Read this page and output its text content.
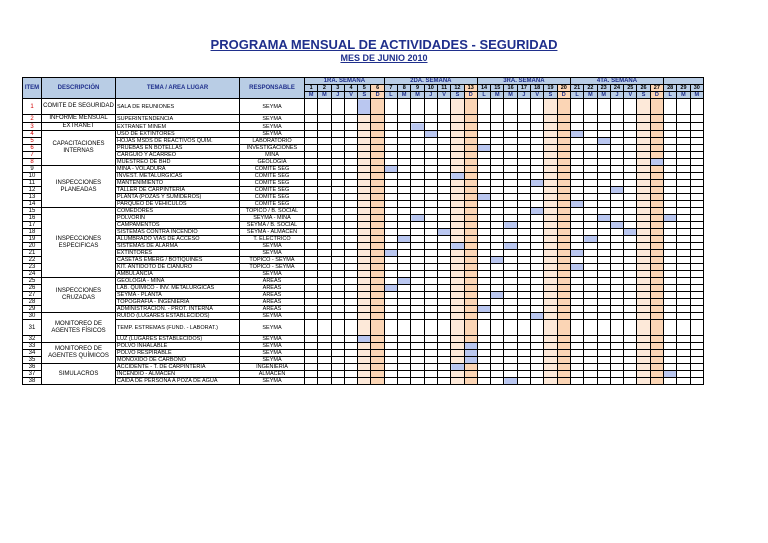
PROGRAMA MENSUAL DE ACTIVIDADES - SEGURIDAD
MES DE JUNIO 2010
ITEM	DESCRIPCIÓN	TEMA / AREA LUGAR	RESPONSABLE	1RA. SEMANA						2DA. SEMANA							3RA. SEMANA							4TA. SEMANA									
				1	2	3	4	5	6	7	8	9	10	11	12	13	14	15	16	17	18	19	20	21	22	23	24	25	26	27	28	29	30
				M	M	J	V	S	D	L	M	M	J	V	S	D	L	M	M	J	V	S	D	L	M	M	J	V	S	D	L	M	M
1	COMITE DE SEGURIDAD	SALA DE REUNIONES	SEYMA																														
2	INFORME MENSUAL	SUPERINTENDENCIA	SEYMA																														
3	EXTRANET	EXTRANET MINEM	SEYMA																														
4	CAPACITACIONES INTERNAS	USO DE EXTINTORES	SEYMA																														
5		HOJAS MSDS DE REACTIVOS QUIM.	LABORATORIO																														
6		PRUEBAS EN BOTELLAS	INVESTIGACIONES																														
7		CARGUIO Y ACARREO	MINA																														
8		MUESTREO DE BHD	GEOLOGIA																														
9	INSPECCIONES PLANEADAS	MINA - VOLADURA	COMITÉ SEG																														
10		INVEST. METALURGICAS	COMITÉ SEG																														
11		MANTENIMIENTO	COMITÉ SEG																														
12		TALLER DE CARPINTERIA	COMITÉ SEG																														
13		PLANTA (POZAS Y SUMIDEROS)	COMITÉ SEG																														
14		PARQUEO DE VEHICULOS	COMITÉ SEG																														
15	INSPECCIONES ESPECIFICAS	COMEDORES	TOPICO / B. SOCIAL																														
16		POLVORIN	SEYMA - MINA																														
17		CAMPAMENTOS	SEYMA / B. SOCIAL																														
18		SISTEMAS CONTRA INCENDIO	SEYMA - ALMACEN																														
19		ALUMBRADO VIAS DE ACCESO	T. ELECTRICO																														
20		SISTEMAS DE ALARMA	SEYMA																														
21		EXTINTORES	SEYMA																														
22		CASETAS EMERG / BOTIQUINES	TOPICO - SEYMA																														
23		KIT. ANTIDOTO DE CIANURO	TOPICO - SEYMA																														
24		AMBULANCIA	SEYMA																														
25	INSPECCIONES CRUZADAS	GEOLOGIA - MINA	AREAS																														
26		LAB. QUIMICO - INV. METALURGICAS	AREAS																														
27		SEYMA - PLANTA	AREAS																														
28		TOPOGRAFIA - INGENIERIA	AREAS																														
29		ADMINISTRACION. - PROT. INTERNA	AREAS																														
30	MONITOREO DE AGENTES FÍSICOS	RUIDO (LUGARES ESTABLECIDOS)	SEYMA																														
31		TEMP. ESTREMAS (FUND. - LABORAT.)	SEYMA																														
32		LUZ (LUGARES ESTABLECIDOS)	SEYMA																														
33	MONITOREO DE AGENTES QUÍMICOS	POLVO INHALABLE	SEYMA																														
34		POLVO RESPIRABLE	SEYMA																														
35		MONOXIDO DE CARBONO	SEYMA																														
36	SIMULACROS	ACCIDENTE - T. DE CARPINTERIA	INGENIERIA																														
37		INCENDIO - ALMACEN	ALMACEN																														
38		CAIDA DE PERSONA A POZA DE AGUA	SEYMA																														
